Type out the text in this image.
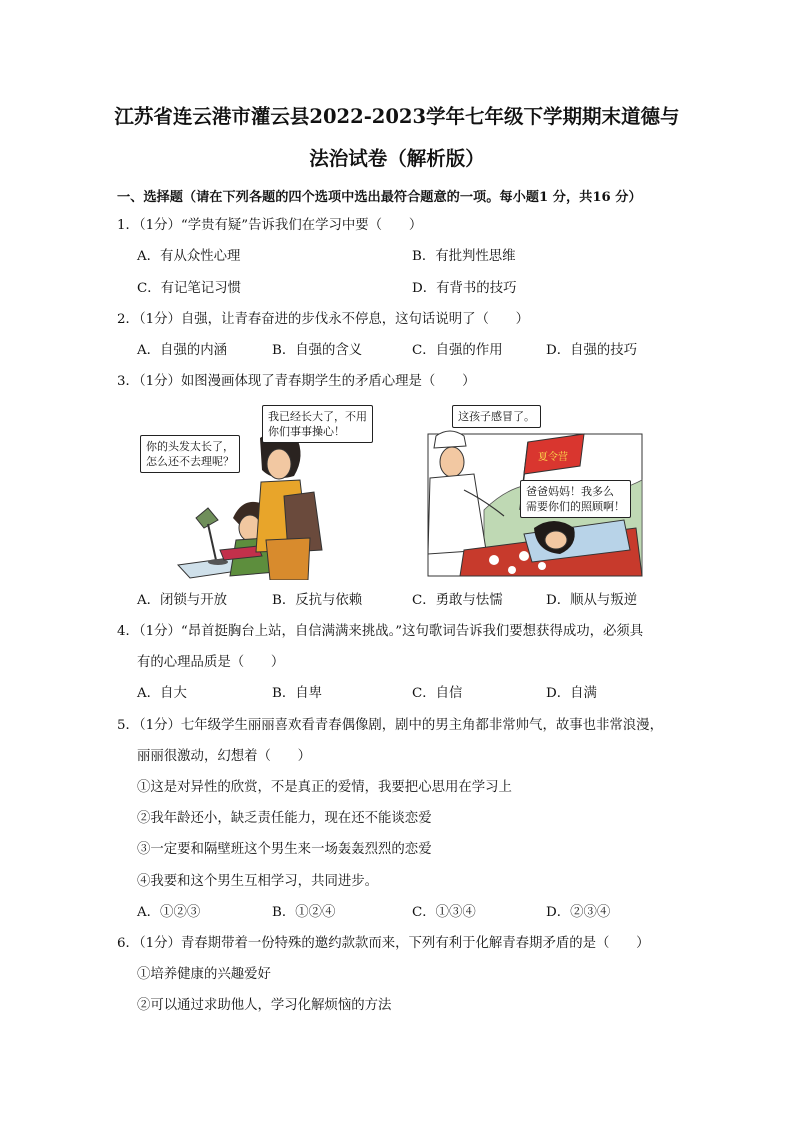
江苏省连云港市灌云县2022-2023学年七年级下学期期末道德与
法治试卷（解析版）
一、选择题（请在下列各题的四个选项中选出最符合题意的一项。每小题1 分，共16 分）
1．（1分）“学贵有疑”告诉我们在学习中要（　　）
A．有从众性心理	B．有批判性思维
C．有记笔记习惯	D．有背书的技巧
2．（1分）自强，让青春奋进的步伐永不停息，这句话说明了（　　）
A．自强的内涵	B．自强的含义	C．自强的作用	D．自强的技巧
3．（1分）如图漫画体现了青春期学生的矛盾心理是（　　）
你的头发太长了，
怎么还不去理呢？
我已经长大了，不用
你们事事操心！
夏令营
这孩子感冒了。
爸爸妈妈！我多么
需要你们的照顾啊！
A．闭锁与开放	B．反抗与依赖	C．勇敢与怯懦	D．顺从与叛逆
4．（1分）“昂首挺胸台上站，自信满满来挑战。”这句歌词告诉我们要想获得成功，必须具
有的心理品质是（　　）
A．自大	B．自卑	C．自信	D．自满
5．（1分）七年级学生丽丽喜欢看青春偶像剧，剧中的男主角都非常帅气，故事也非常浪漫，
丽丽很激动，幻想着（　　）
①这是对异性的欣赏，不是真正的爱情，我要把心思用在学习上
②我年龄还小，缺乏责任能力，现在还不能谈恋爱
③一定要和隔壁班这个男生来一场轰轰烈烈的恋爱
④我要和这个男生互相学习，共同进步。
A．①②③	B．①②④	C．①③④	D．②③④
6．（1分）青春期带着一份特殊的邀约款款而来，下列有利于化解青春期矛盾的是（　　）
①培养健康的兴趣爱好
②可以通过求助他人，学习化解烦恼的方法
